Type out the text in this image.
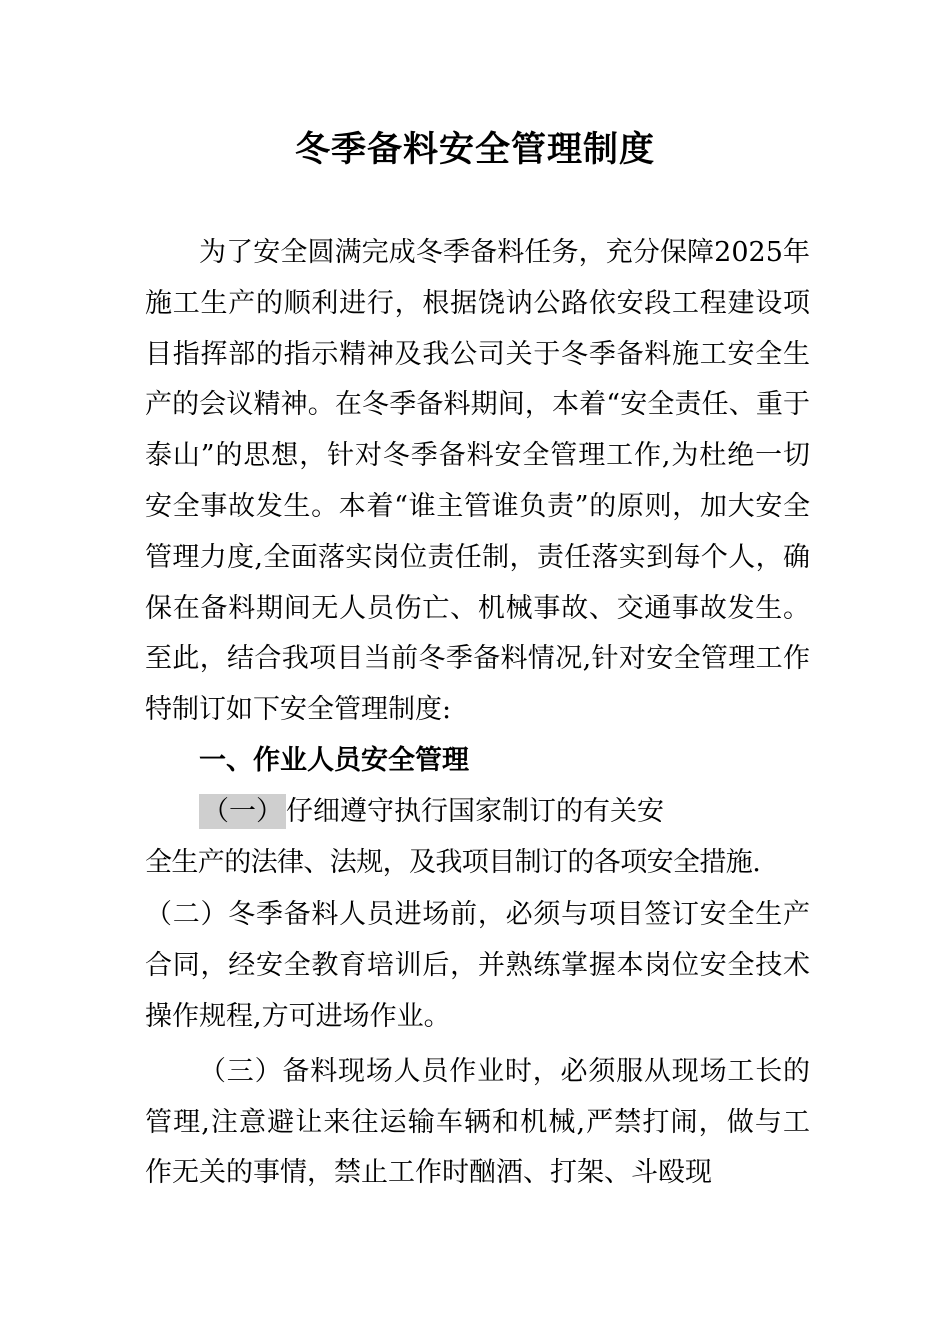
冬季备料安全管理制度

为了安全圆满完成冬季备料任务，充分保障2025年施工生产的顺利进行，根据饶讷公路依安段工程建设项目指挥部的指示精神及我公司关于冬季备料施工安全生产的会议精神。在冬季备料期间，本着“安全责任、重于泰山”的思想，针对冬季备料安全管理工作,为杜绝一切安全事故发生。本着“谁主管谁负责”的原则，加大安全管理力度,全面落实岗位责任制，责任落实到每个人，确保在备料期间无人员伤亡、机械事故、交通事故发生。至此，结合我项目当前冬季备料情况,针对安全管理工作特制订如下安全管理制度:

一、作业人员安全管理

（一） 仔细遵守执行国家制订的有关安

全生产的法律、法规，及我项目制订的各项安全措施.

（二）冬季备料人员进场前，必须与项目签订安全生产合同，经安全教育培训后，并熟练掌握本岗位安全技术操作规程,方可进场作业。

（三）备料现场人员作业时，必须服从现场工长的管理,注意避让来往运输车辆和机械,严禁打闹，做与工作无关的事情，禁止工作时酗酒、打架、斗殴现
